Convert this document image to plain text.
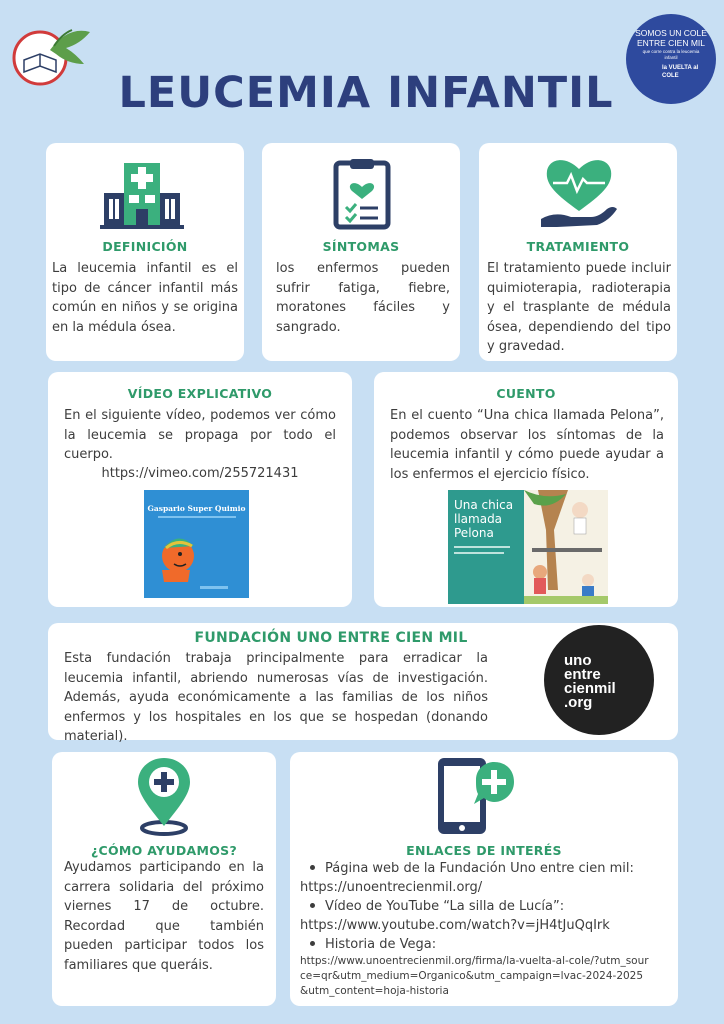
LEUCEMIA INFANTIL
SOMOS UN COLE
ENTRE CIEN MIL
que corre contra la leucemia infantil
la VUELTA al COLE
DEFINICIÓN
La leucemia infantil es el tipo de cáncer infantil más común en niños y se origina en la médula ósea.
SÍNTOMAS
los enfermos pueden sufrir fatiga, fiebre, moratones fáciles y sangrado.
TRATAMIENTO
El tratamiento puede incluir quimioterapia, radioterapia y el trasplante de médula ósea, dependiendo del tipo y gravedad.
VÍDEO EXPLICATIVO
En el siguiente vídeo, podemos ver cómo la leucemia se propaga por todo el cuerpo.
https://vimeo.com/255721431
Gaspario Super Quimio
CUENTO
En el cuento “Una chica llamada Pelona”, podemos observar los síntomas de la leucemia infantil y cómo puede ayudar a los enfermos el ejercicio físico.
Una chica
llamada
Pelona
FUNDACIÓN UNO ENTRE CIEN MIL
Esta fundación trabaja principalmente para erradicar la leucemia infantil, abriendo numerosas vías de investigación. Además, ayuda económicamente a las familias de los niños enfermos y los hospitales en los que se hospedan (donando material).
uno
entre
cienmil
.org
¿CÓMO AYUDAMOS?
Ayudamos participando en la carrera solidaria del próximo viernes 17 de octubre. Recordad que también pueden participar todos los familiares que queráis.
ENLACES DE INTERÉS
Página web de la Fundación Uno entre cien mil:
https://unoentrecienmil.org/
Vídeo de YouTube “La silla de Lucía”:
https://www.youtube.com/watch?v=jH4tJuQqIrk
Historia de Vega:
https://www.unoentrecienmil.org/firma/la-vuelta-al-cole/?utm_source=qr&utm_medium=Organico&utm_campaign=lvac-2024-2025&utm_content=hoja-historia
